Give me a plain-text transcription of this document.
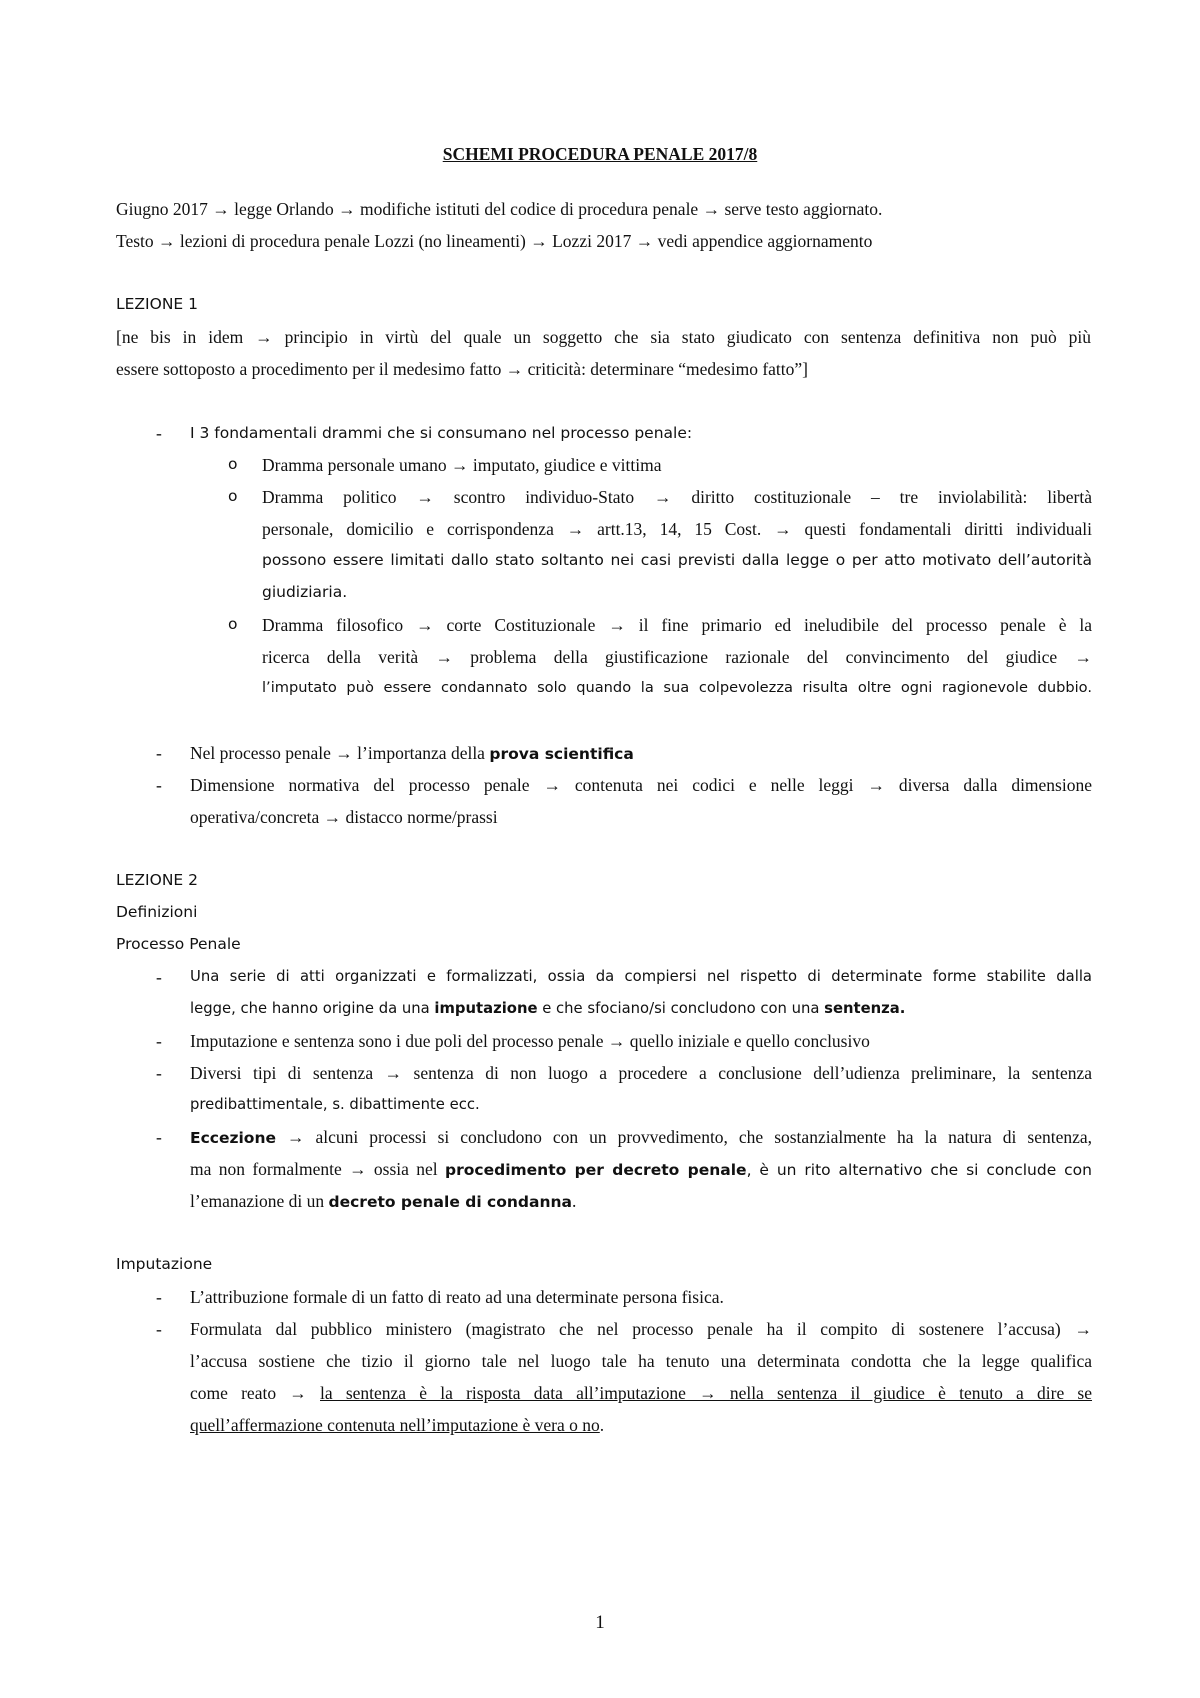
SCHEMI PROCEDURA PENALE 2017/8
Giugno 2017 → legge Orlando → modifiche istituti del codice di procedura penale → serve testo aggiornato.
Testo → lezioni di procedura penale Lozzi (no lineamenti) → Lozzi 2017 → vedi appendice aggiornamento
LEZIONE 1
[ne bis in idem → principio in virtù del quale un soggetto che sia stato giudicato con sentenza definitiva non può più
essere sottoposto a procedimento per il medesimo fatto → criticità: determinare “medesimo fatto”]
- I 3 fondamentali drammi che si consumano nel processo penale:
o Dramma personale umano → imputato, giudice e vittima
o Dramma politico → scontro individuo-Stato → diritto costituzionale – tre inviolabilità: libertà
personale, domicilio e corrispondenza → artt.13, 14, 15 Cost. → questi fondamentali diritti individuali
possono essere limitati dallo stato soltanto nei casi previsti dalla legge o per atto motivato dell’autorità
giudiziaria.
o Dramma filosofico → corte Costituzionale → il fine primario ed ineludibile del processo penale è la
ricerca della verità → problema della giustificazione razionale del convincimento del giudice →
l’imputato può essere condannato solo quando la sua colpevolezza risulta oltre ogni ragionevole dubbio.
- Nel processo penale → l’importanza della prova scientifica
- Dimensione normativa del processo penale → contenuta nei codici e nelle leggi → diversa dalla dimensione
operativa/concreta → distacco norme/prassi
LEZIONE 2
Definizioni
Processo Penale
- Una serie di atti organizzati e formalizzati, ossia da compiersi nel rispetto di determinate forme stabilite dalla
legge, che hanno origine da una imputazione e che sfociano/si concludono con una sentenza.
- Imputazione e sentenza sono i due poli del processo penale → quello iniziale e quello conclusivo
- Diversi tipi di sentenza → sentenza di non luogo a procedere a conclusione dell’udienza preliminare, la sentenza
predibattimentale, s. dibattimente ecc.
- Eccezione → alcuni processi si concludono con un provvedimento, che sostanzialmente ha la natura di sentenza,
ma non formalmente → ossia nel procedimento per decreto penale, è un rito alternativo che si conclude con
l’emanazione di un decreto penale di condanna.
Imputazione
- L’attribuzione formale di un fatto di reato ad una determinate persona fisica.
- Formulata dal pubblico ministero (magistrato che nel processo penale ha il compito di sostenere l’accusa) →
l’accusa sostiene che tizio il giorno tale nel luogo tale ha tenuto una determinata condotta che la legge qualifica
come reato → la sentenza è la risposta data all’imputazione → nella sentenza il giudice è tenuto a dire se
quell’affermazione contenuta nell’imputazione è vera o no.
1
